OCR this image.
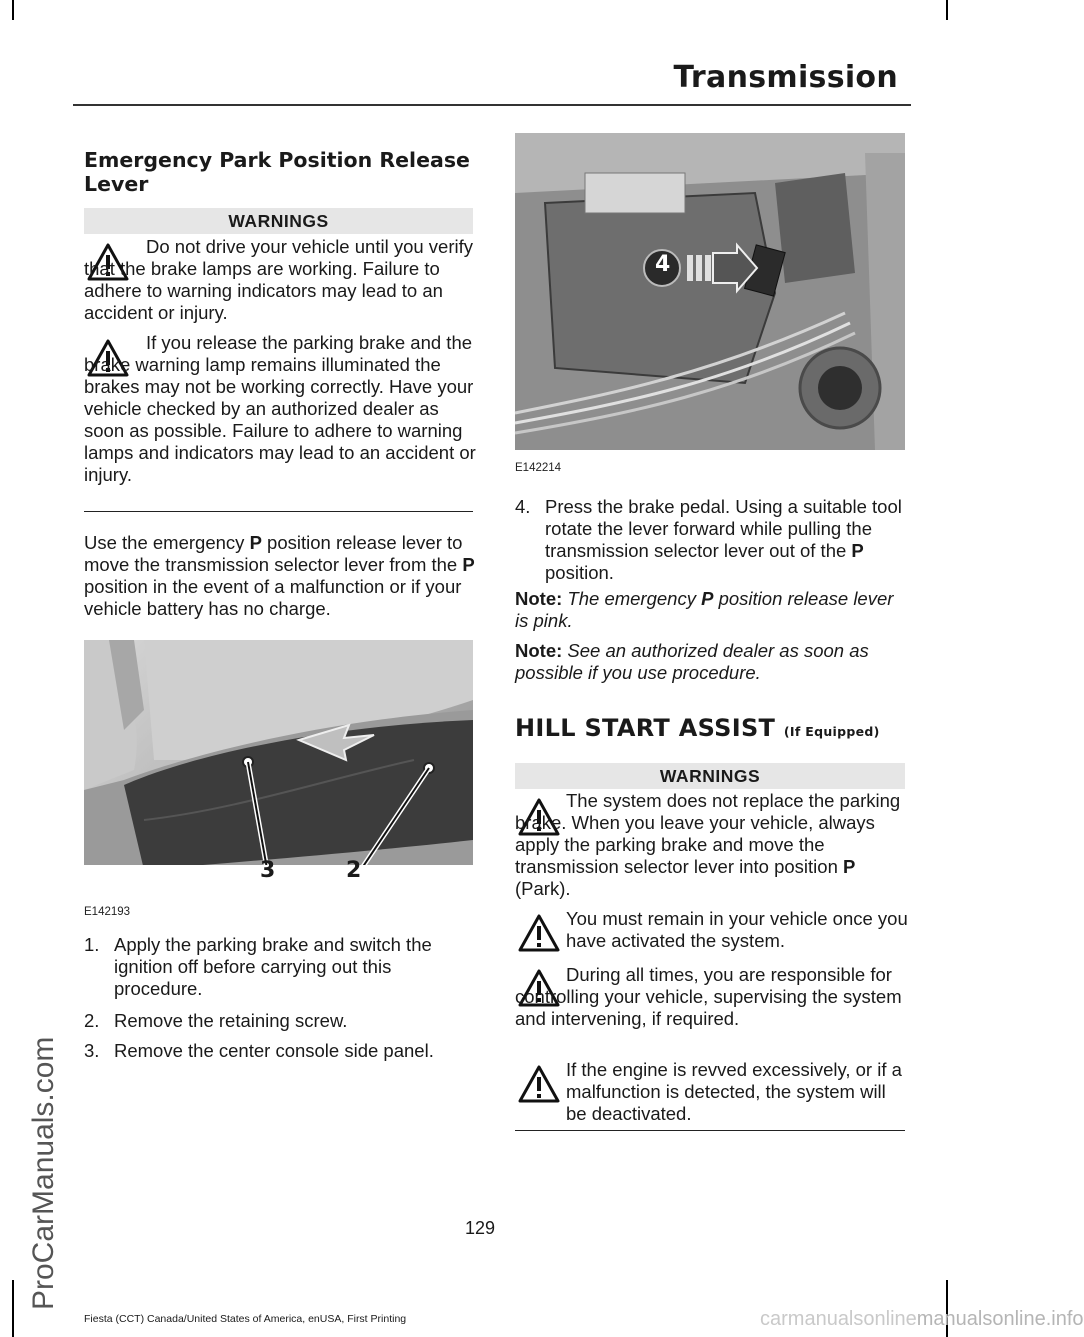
ProCarManuals.com
Transmission
Emergency Park Position Release Lever
WARNINGS
Do not drive your vehicle until you verify that the brake lamps are working. Failure to adhere to warning indicators may lead to an accident or injury.
If you release the parking brake and the brake warning lamp remains illuminated the brakes may not be working correctly. Have your vehicle checked by an authorized dealer as soon as possible. Failure to adhere to warning lamps and indicators may lead to an accident or injury.

Use the emergency P position release lever to move the transmission selector lever from the P position in the event of a malfunction or if your vehicle battery has no charge.

3	2
E142193
1. Apply the parking brake and switch the ignition off before carrying out this procedure.
2. Remove the retaining screw.
3. Remove the center console side panel.
4
E142214
4. Press the brake pedal. Using a suitable tool rotate the lever forward while pulling the transmission selector lever out of the P position.

Note: The emergency P position release lever is pink.

Note: See an authorized dealer as soon as possible if you use procedure.

HILL START ASSIST (If Equipped)
WARNINGS

The system does not replace the parking brake. When you leave your vehicle, always apply the parking brake and move the transmission selector lever into position P (Park).

You must remain in your vehicle once you have activated the system.

During all times, you are responsible for controlling your vehicle, supervising the system and intervening, if required.

If the engine is revved excessively, or if a malfunction is detected, the system will be deactivated.

129
Fiesta (CCT) Canada/United States of America, enUSA, First Printing	carmanualsonlinemanualsonline.info
